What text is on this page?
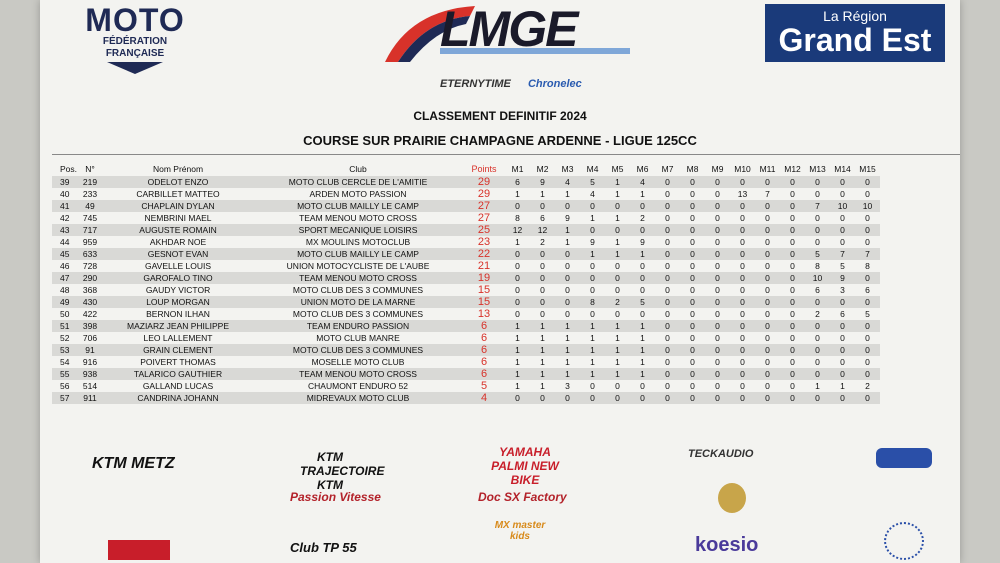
MOTO
FÉDÉRATION
FRANÇAISE	LMGE
ETERNYTIME Chronelec
La Région
Grand Est
CLASSEMENT DEFINITIF 2024
COURSE SUR PRAIRIE CHAMPAGNE ARDENNE - LIGUE 125CC
Pos.	N°	Nom Prénom	Club	Points	M1	M2	M3	M4	M5	M6	M7	M8	M9	M10	M11	M12	M13	M14	M15
39	219	ODELOT ENZO	MOTO CLUB CERCLE DE L'AMITIE	29	6	9	4	5	1	4	0	0	0	0	0	0	0	0	0
40	233	CARBILLET MATTEO	ARDEN MOTO PASSION	29	1	1	1	4	1	1	0	0	0	13	7	0	0	0	0
41	49	CHAPLAIN DYLAN	MOTO CLUB MAILLY LE CAMP	27	0	0	0	0	0	0	0	0	0	0	0	0	7	10	10
42	745	NEMBRINI MAEL	TEAM MENOU MOTO CROSS	27	8	6	9	1	1	2	0	0	0	0	0	0	0	0	0
43	717	AUGUSTE ROMAIN	SPORT MECANIQUE LOISIRS	25	12	12	1	0	0	0	0	0	0	0	0	0	0	0	0
44	959	AKHDAR NOE	MX MOULINS MOTOCLUB	23	1	2	1	9	1	9	0	0	0	0	0	0	0	0	0
45	633	GESNOT EVAN	MOTO CLUB MAILLY LE CAMP	22	0	0	0	1	1	1	0	0	0	0	0	0	5	7	7
46	728	GAVELLE LOUIS	UNION MOTOCYCLISTE DE L'AUBE	21	0	0	0	0	0	0	0	0	0	0	0	0	8	5	8
47	290	GAROFALO TINO	TEAM MENOU MOTO CROSS	19	0	0	0	0	0	0	0	0	0	0	0	0	10	9	0
48	368	GAUDY VICTOR	MOTO CLUB DES 3 COMMUNES	15	0	0	0	0	0	0	0	0	0	0	0	0	6	3	6
49	430	LOUP MORGAN	UNION MOTO DE LA MARNE	15	0	0	0	8	2	5	0	0	0	0	0	0	0	0	0
50	422	BERNON ILHAN	MOTO CLUB DES 3 COMMUNES	13	0	0	0	0	0	0	0	0	0	0	0	0	2	6	5
51	398	MAZIARZ JEAN PHILIPPE	TEAM ENDURO PASSION	6	1	1	1	1	1	1	0	0	0	0	0	0	0	0	0
52	706	LEO LALLEMENT	MOTO CLUB MANRE	6	1	1	1	1	1	1	0	0	0	0	0	0	0	0	0
53	91	GRAIN CLEMENT	MOTO CLUB DES 3 COMMUNES	6	1	1	1	1	1	1	0	0	0	0	0	0	0	0	0
54	916	POIVERT THOMAS	MOSELLE MOTO CLUB	6	1	1	1	1	1	1	0	0	0	0	0	0	0	0	0
55	938	TALARICO GAUTHIER	TEAM MENOU MOTO CROSS	6	1	1	1	1	1	1	0	0	0	0	0	0	0	0	0
56	514	GALLAND LUCAS	CHAUMONT ENDURO 52	5	1	1	3	0	0	0	0	0	0	0	0	0	1	1	2
57	911	CANDRINA JOHANN	MIDREVAUX MOTO CLUB	4	0	0	0	0	0	0	0	0	0	0	0	0	0	0	0
KTM METZ	KTM TRAJECTOIRE KTM
YAMAHA PALMI NEW BIKE
TECKAUDIO
Passion Vitesse	Doc SX Factory
Club TP 55
MX master kids	koesio
